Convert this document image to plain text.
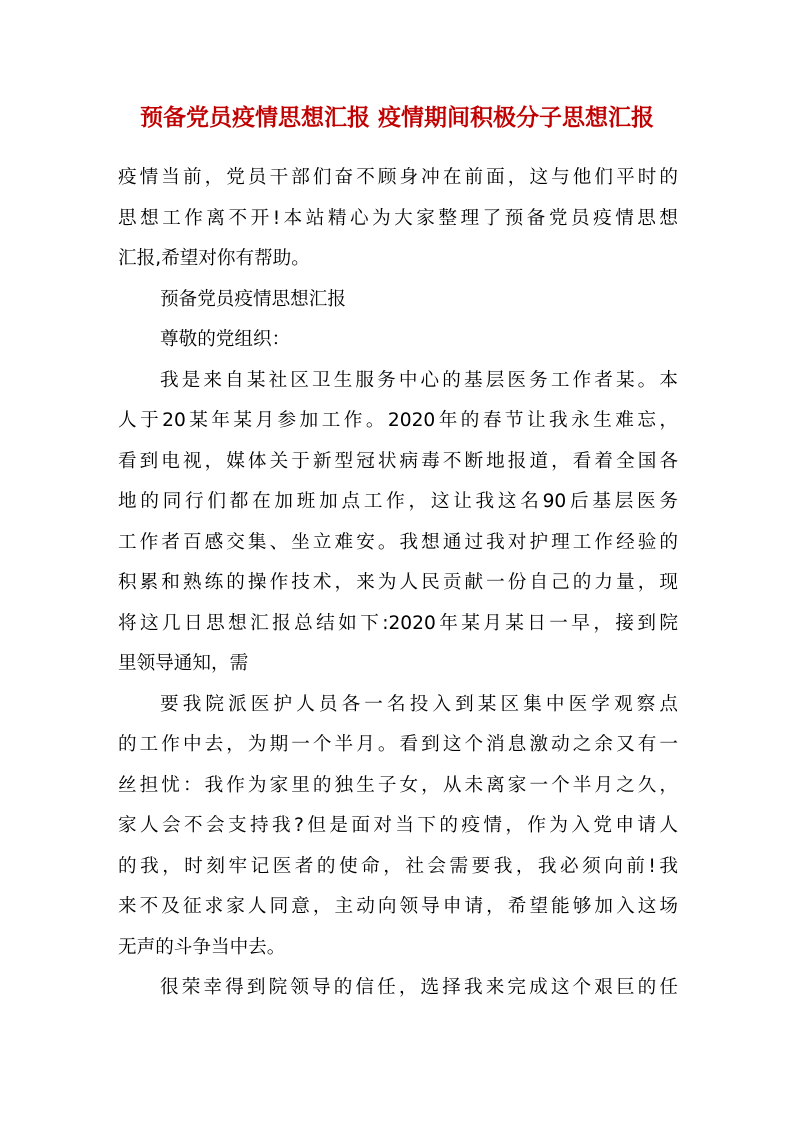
预备党员疫情思想汇报 疫情期间积极分子思想汇报
疫情当前，党员干部们奋不顾身冲在前面，这与他们平时的
思想工作离不开!本站精心为大家整理了预备党员疫情思想
汇报,希望对你有帮助。
预备党员疫情思想汇报
尊敬的党组织：
我是来自某社区卫生服务中心的基层医务工作者某。本
人于20某年某月参加工作。2020年的春节让我永生难忘，
看到电视，媒体关于新型冠状病毒不断地报道，看着全国各
地的同行们都在加班加点工作，这让我这名90后基层医务
工作者百感交集、坐立难安。我想通过我对护理工作经验的
积累和熟练的操作技术，来为人民贡献一份自己的力量，现
将这几日思想汇报总结如下:2020年某月某日一早，接到院
里领导通知，需
要我院派医护人员各一名投入到某区集中医学观察点
的工作中去，为期一个半月。看到这个消息激动之余又有一
丝担忧：我作为家里的独生子女，从未离家一个半月之久，
家人会不会支持我?但是面对当下的疫情，作为入党申请人
的我，时刻牢记医者的使命，社会需要我，我必须向前!我
来不及征求家人同意，主动向领导申请，希望能够加入这场
无声的斗争当中去。
很荣幸得到院领导的信任，选择我来完成这个艰巨的任
